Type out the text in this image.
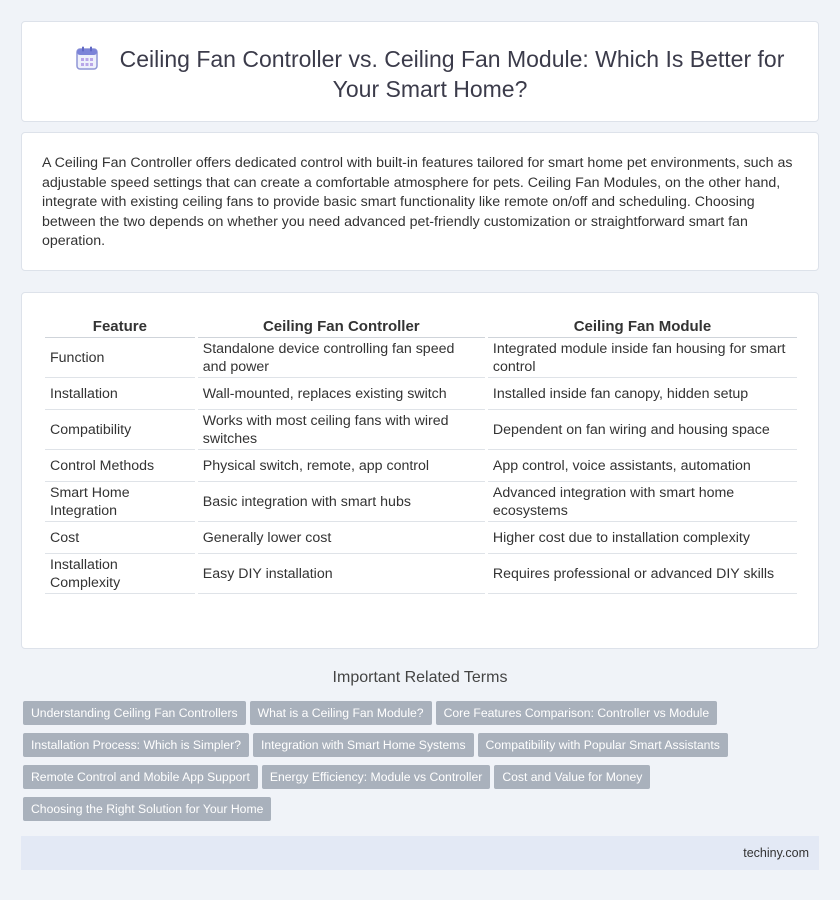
Ceiling Fan Controller vs. Ceiling Fan Module: Which Is Better for Your Smart Home?

A Ceiling Fan Controller offers dedicated control with built-in features tailored for smart home pet environments, such as adjustable speed settings that can create a comfortable atmosphere for pets. Ceiling Fan Modules, on the other hand, integrate with existing ceiling fans to provide basic smart functionality like remote on/off and scheduling. Choosing between the two depends on whether you need advanced pet-friendly customization or straightforward smart fan operation.

Feature	Ceiling Fan Controller	Ceiling Fan Module
Function	Standalone device controlling fan speed and power	Integrated module inside fan housing for smart control
Installation	Wall-mounted, replaces existing switch	Installed inside fan canopy, hidden setup
Compatibility	Works with most ceiling fans with wired switches	Dependent on fan wiring and housing space
Control Methods	Physical switch, remote, app control	App control, voice assistants, automation
Smart Home Integration	Basic integration with smart hubs	Advanced integration with smart home ecosystems
Cost	Generally lower cost	Higher cost due to installation complexity
Installation Complexity	Easy DIY installation	Requires professional or advanced DIY skills
Important Related Terms
Understanding Ceiling Fan Controllers What is a Ceiling Fan Module? Core Features Comparison: Controller vs Module
Installation Process: Which is Simpler? Integration with Smart Home Systems Compatibility with Popular Smart Assistants
Remote Control and Mobile App Support Energy Efficiency: Module vs Controller Cost and Value for Money
Choosing the Right Solution for Your Home
techiny.com
